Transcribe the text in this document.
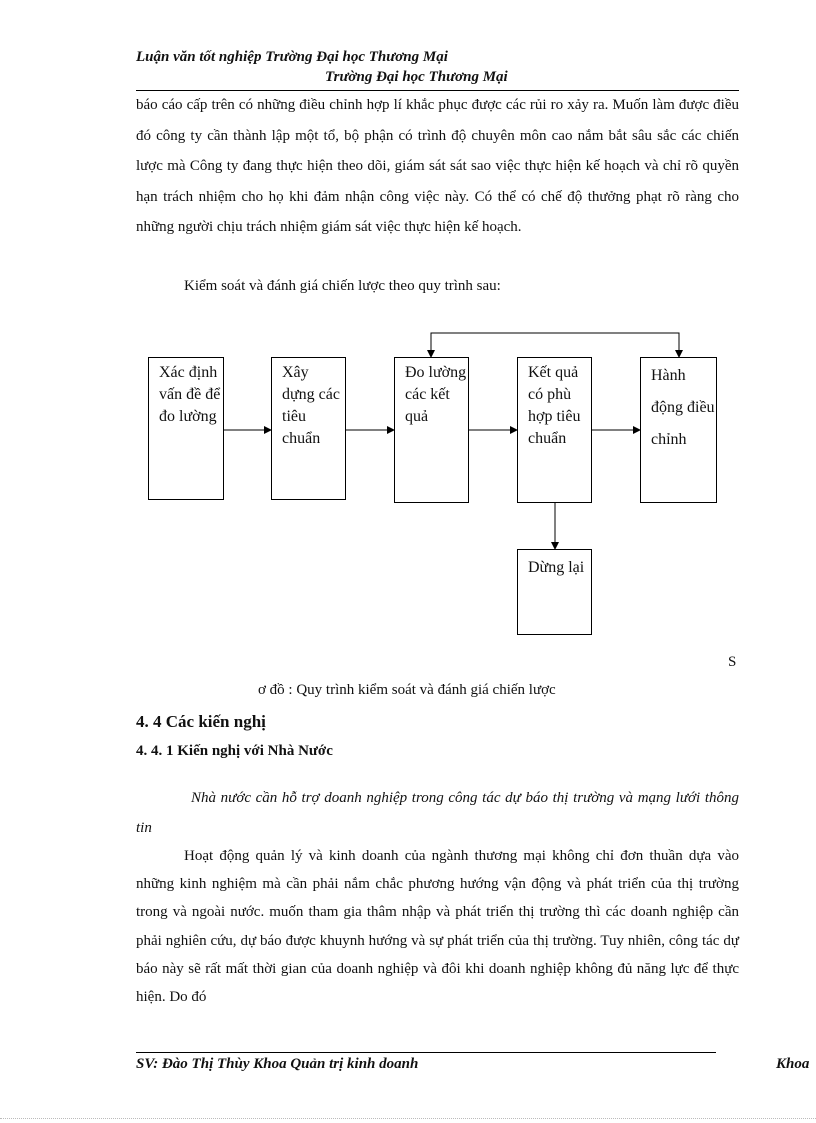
Luận văn tốt nghiệp Trường Đại học Thương Mại
Trường Đại học Thương Mại
báo cáo cấp trên có những điều chỉnh hợp lí khắc phục được các rủi ro xảy ra. Muốn làm được điều đó công ty cần thành lập một tổ, bộ phận có trình độ chuyên môn cao nắm bắt sâu sắc các chiến lược mà Công ty đang thực hiện theo dõi, giám sát sát sao việc thực hiện kế hoạch và chỉ rõ quyền hạn trách nhiệm cho họ khi đảm nhận công việc này. Có thể có chế độ thưởng phạt rõ ràng cho những người chịu trách nhiệm giám sát việc thực hiện kế hoạch.
Kiểm soát và đánh giá chiến lược theo quy trình sau:
Xác định vấn đề để đo lường
Xây dựng các tiêu chuẩn
Đo lường các kết quả
Kết quả có phù hợp tiêu chuẩn
Hành động điều chỉnh
Dừng lại
S
ơ đồ : Quy trình kiểm soát và đánh giá chiến lược
4. 4 Các kiến nghị
4. 4. 1 Kiến nghị với Nhà Nước
Nhà nước cần hỗ trợ doanh nghiệp trong công tác dự báo thị trường và mạng lưới thông tin
Hoạt động quản lý và kinh doanh của ngành thương mại không chỉ đơn thuần dựa vào những kinh nghiệm mà cần phải nắm chắc phương hướng vận động và phát triển của thị trường trong và ngoài nước. muốn tham gia thâm nhập và phát triển thị trường thì các doanh nghiệp cần phải nghiên cứu, dự báo được khuynh hướng và sự phát triển của thị trường. Tuy nhiên, công tác dự báo này sẽ rất mất thời gian của doanh nghiệp và đôi khi doanh nghiệp không đủ năng lực để thực hiện. Do đó
SV: Đào Thị Thùy Khoa Quản trị kinh doanh	Khoa
